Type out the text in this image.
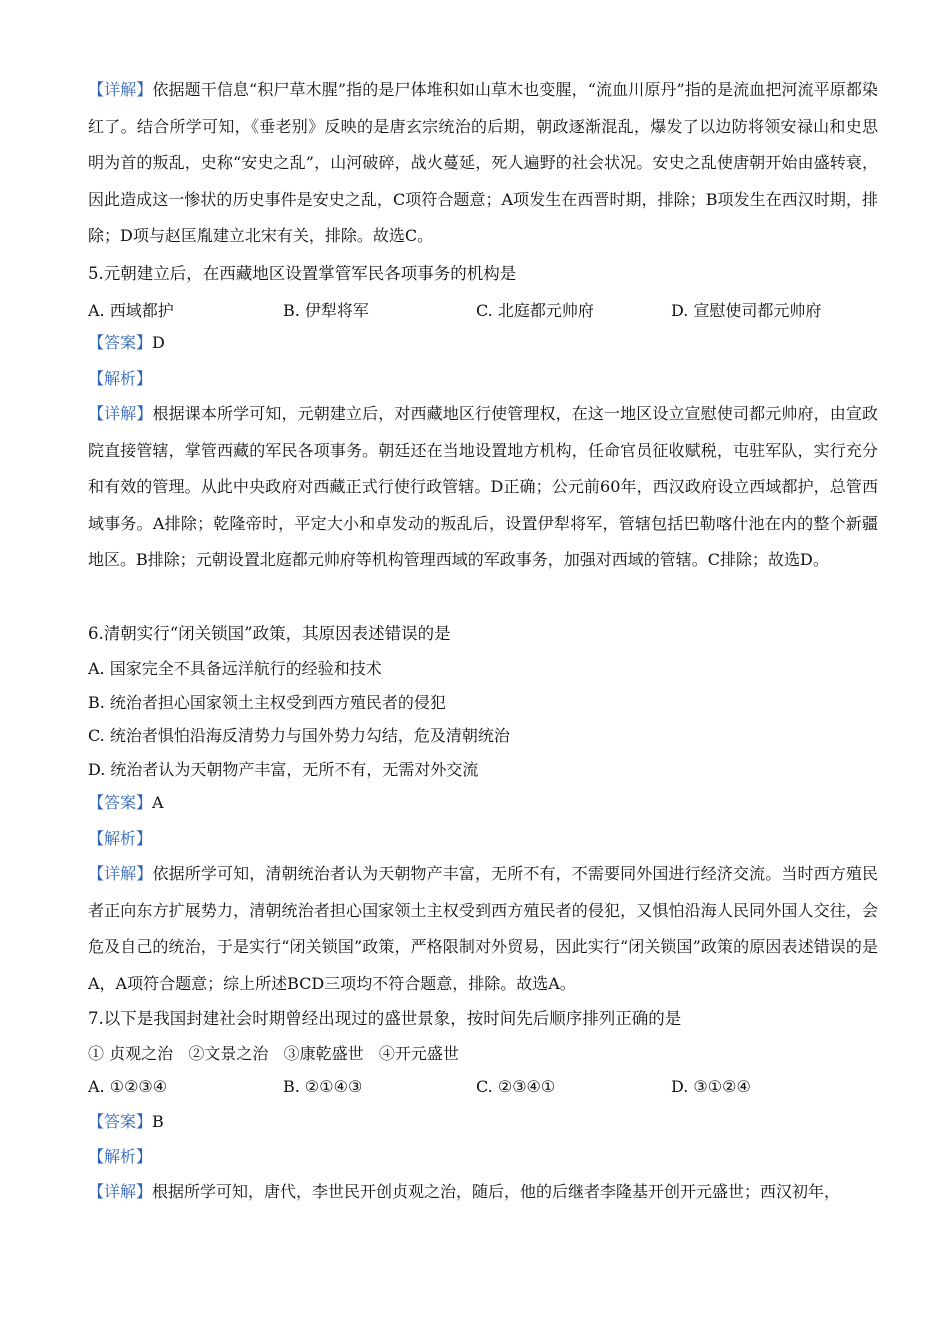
【详解】依据题干信息“积尸草木腥”指的是尸体堆积如山草木也变腥，“流血川原丹”指的是流血把河流平原都染红了。结合所学可知，《垂老别》反映的是唐玄宗统治的后期，朝政逐渐混乱，爆发了以边防将领安禄山和史思明为首的叛乱，史称“安史之乱”，山河破碎，战火蔓延，死人遍野的社会状况。安史之乱使唐朝开始由盛转衰，因此造成这一惨状的历史事件是安史之乱，C项符合题意；A项发生在西晋时期，排除；B项发生在西汉时期，排除；D项与赵匡胤建立北宋有关，排除。故选C。

5.元朝建立后，在西藏地区设置掌管军民各项事务的机构是

A. 西域都护	B. 伊犁将军	C. 北庭都元帅府	D. 宣慰使司都元帅府

【答案】D

【解析】

【详解】根据课本所学可知，元朝建立后，对西藏地区行使管理权，在这一地区设立宣慰使司都元帅府，由宣政院直接管辖，掌管西藏的军民各项事务。朝廷还在当地设置地方机构，任命官员征收赋税，屯驻军队，实行充分和有效的管理。从此中央政府对西藏正式行使行政管辖。D正确；公元前60年，西汉政府设立西域都护，总管西域事务。A排除；乾隆帝时，平定大小和卓发动的叛乱后，设置伊犁将军，管辖包括巴勒喀什池在内的整个新疆地区。B排除；元朝设置北庭都元帅府等机构管理西域的军政事务，加强对西域的管辖。C排除；故选D。

6.清朝实行“闭关锁国”政策，其原因表述错误的是

A. 国家完全不具备远洋航行的经验和技术

B. 统治者担心国家领土主权受到西方殖民者的侵犯

C. 统治者惧怕沿海反清势力与国外势力勾结，危及清朝统治

D. 统治者认为天朝物产丰富，无所不有，无需对外交流

【答案】A

【解析】

【详解】依据所学可知，清朝统治者认为天朝物产丰富，无所不有，不需要同外国进行经济交流。当时西方殖民者正向东方扩展势力，清朝统治者担心国家领土主权受到西方殖民者的侵犯，又惧怕沿海人民同外国人交往，会危及自己的统治，于是实行“闭关锁国”政策，严格限制对外贸易，因此实行“闭关锁国”政策的原因表述错误的是A，A项符合题意；综上所述BCD三项均不符合题意，排除。故选A。

7.以下是我国封建社会时期曾经出现过的盛世景象，按时间先后顺序排列正确的是

① 贞观之治   ②文景之治   ③康乾盛世   ④开元盛世

A. ①②③④	B. ②①④③	C. ②③④①	D. ③①②④

【答案】B

【解析】

【详解】根据所学可知，唐代，李世民开创贞观之治，随后，他的后继者李隆基开创开元盛世；西汉初年，
